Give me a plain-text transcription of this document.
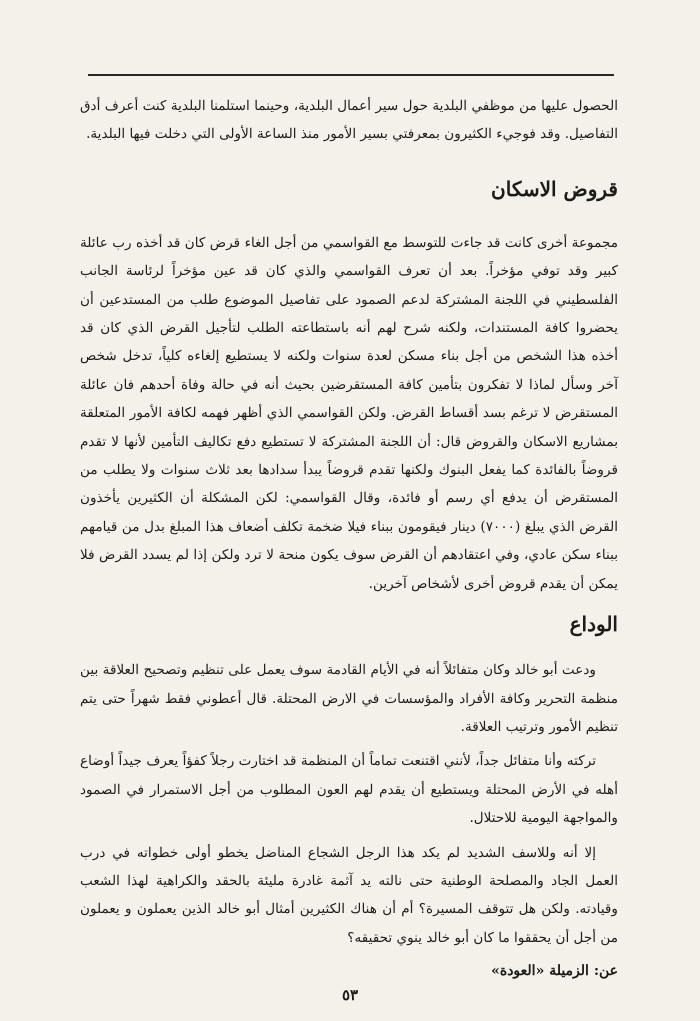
الحصول عليها من موظفي البلدية حول سير أعمال البلدية، وحينما استلمنا البلدية كنت أعرف أدق التفاصيل. وقد فوجيء الكثيرون بمعرفتي بسير الأمور منذ الساعة الأولى التي دخلت فيها البلدية.

قروض الاسكان

مجموعة أخرى كانت قد جاءت للتوسط مع القواسمي من أجل الغاء قرض كان قد أخذه رب عائلة كبير وقد توفي مؤخراً. بعد أن تعرف القواسمي والذي كان قد عين مؤخراً لرئاسة الجانب الفلسطيني في اللجنة المشتركة لدعم الصمود على تفاصيل الموضوع طلب من المستدعين أن يحضروا كافة المستندات، ولكنه شرح لهم أنه باستطاعته الطلب لتأجيل القرض الذي كان قد أخذه هذا الشخص من أجل بناء مسكن لعدة سنوات ولكنه لا يستطيع إلغاءه كلياً، تدخل شخص آخر وسأل لماذا لا تفكرون بتأمين كافة المستقرضين بحيث أنه في حالة وفاة أحدهم فان عائلة المستقرض لا ترغم بسد أقساط القرض. ولكن القواسمي الذي أظهر فهمه لكافة الأمور المتعلقة بمشاريع الاسكان والقروض قال: أن اللجنة المشتركة لا تستطيع دفع تكاليف التأمين لأنها لا تقدم قروضاً بالفائدة كما يفعل البنوك ولكنها تقدم قروضاً يبدأ سدادها بعد ثلاث سنوات ولا يطلب من المستقرض أن يدفع أي رسم أو فائدة، وقال القواسمي: لكن المشكلة أن الكثيرين يأخذون القرض الذي يبلغ (٧٠٠٠) دينار فيقومون ببناء فيلا ضخمة تكلف أضعاف هذا المبلغ بدل من قيامهم ببناء سكن عادي، وفي اعتقادهم أن القرض سوف يكون منحة لا ترد ولكن إذا لم يسدد القرض فلا يمكن أن يقدم قروض أخرى لأشخاص آخرين.

الوداع

ودعت أبو خالد وكان متفائلاً أنه في الأيام القادمة سوف يعمل على تنظيم وتصحيح العلاقة بين منظمة التحرير وكافة الأفراد والمؤسسات في الارض المحتلة. قال أعطوني فقط شهراً حتى يتم تنظيم الأمور وترتيب العلاقة.

تركته وأنا متفائل جداً، لأنني اقتنعت تماماً أن المنظمة قد اختارت رجلاً كفؤاً يعرف جيداً أوضاع أهله في الأرض المحتلة ويستطيع أن يقدم لهم العون المطلوب من أجل الاستمرار في الصمود والمواجهة اليومية للاحتلال.

إلا أنه وللاسف الشديد لم يكد هذا الرجل الشجاع المناضل يخطو أولى خطواته في درب العمل الجاد والمصلحة الوطنية حتى نالته يد آثمة غادرة مليئة بالحقد والكراهية لهذا الشعب وقيادته. ولكن هل تتوقف المسيرة؟ أم أن هناك الكثيرين أمثال أبو خالد الذين يعملون و يعملون من أجل أن يحققوا ما كان أبو خالد ينوي تحقيقه؟

عن: الزميلة «العودة»
٥٣
